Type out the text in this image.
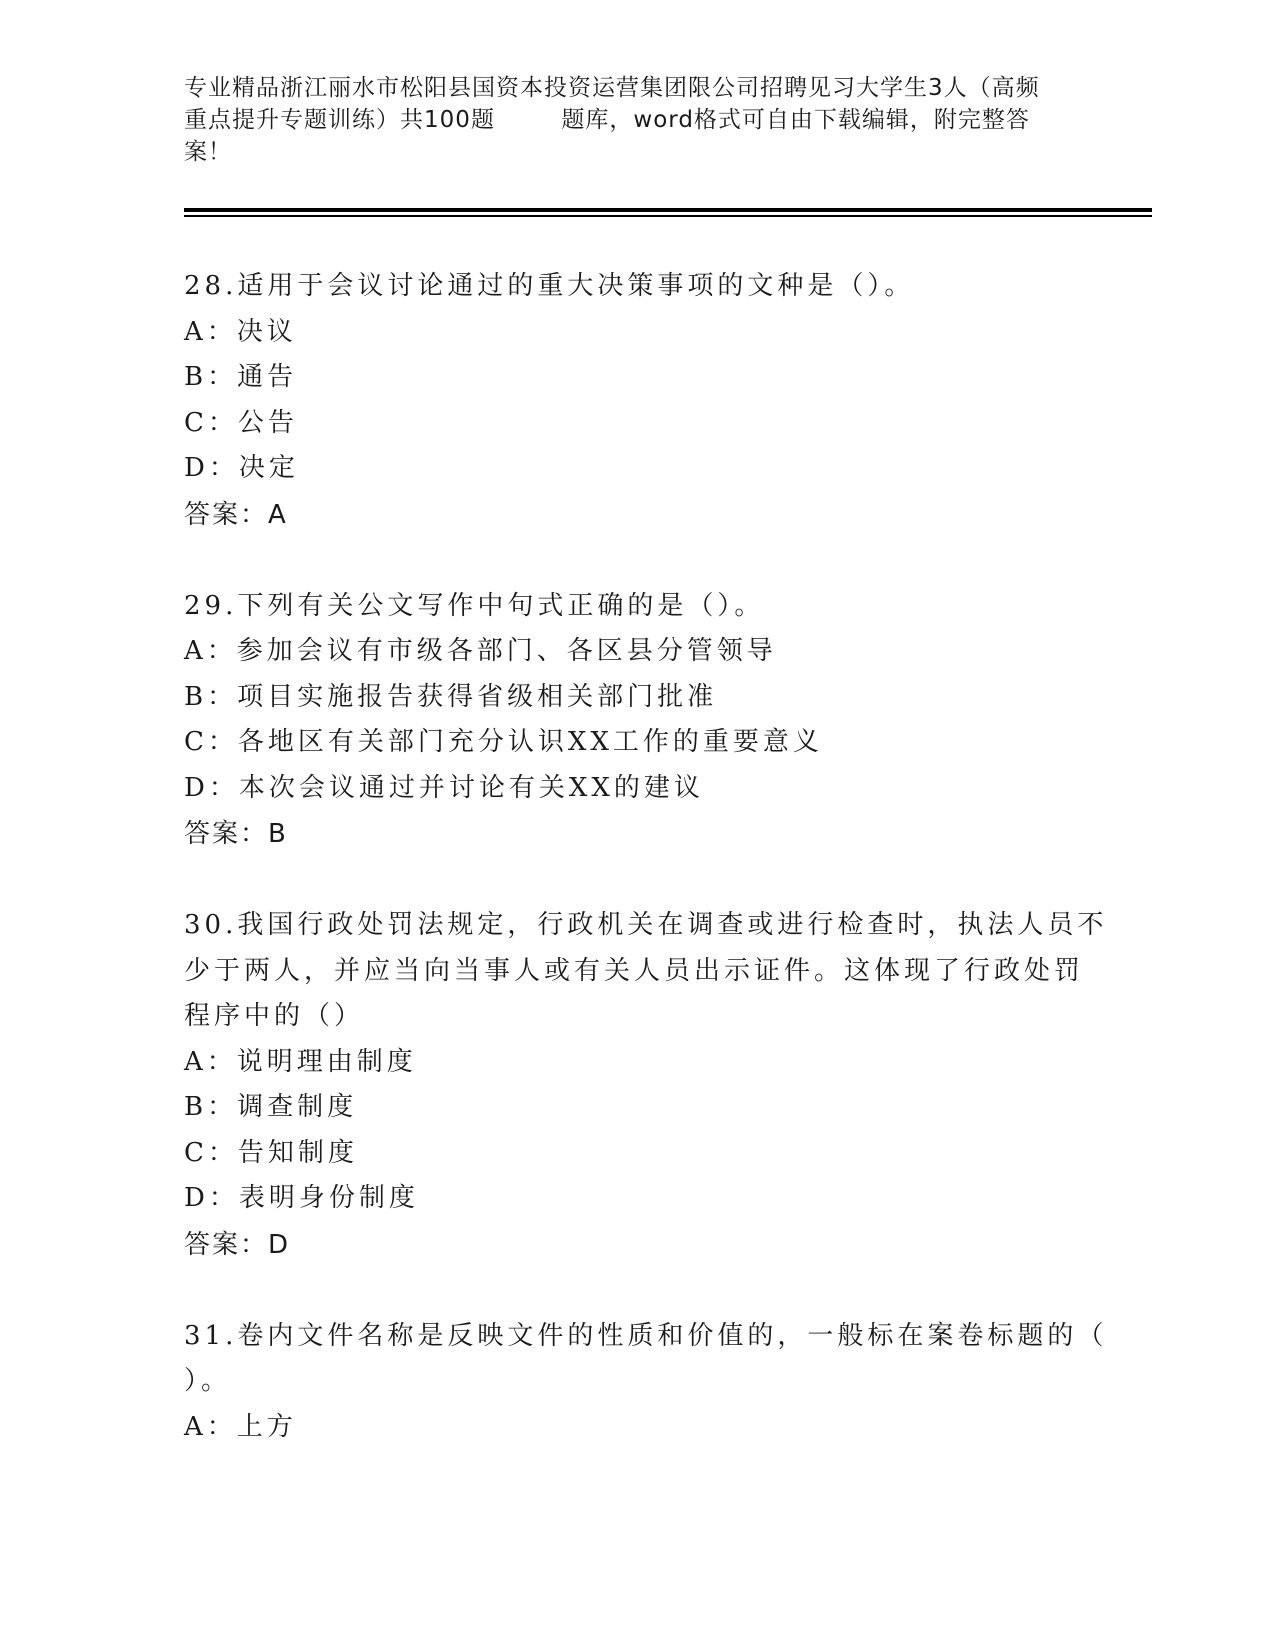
专业精品浙江丽水市松阳县国资本投资运营集团限公司招聘见习大学生3人（高频
重点提升专题训练）共100题        题库，word格式可自由下载编辑，附完整答
案！
28.适用于会议讨论通过的重大决策事项的文种是（）。
A：决议
B：通告
C：公告
D：决定
答案：A
29.下列有关公文写作中句式正确的是（）。
A：参加会议有市级各部门、各区县分管领导
B：项目实施报告获得省级相关部门批准
C：各地区有关部门充分认识XX工作的重要意义
D：本次会议通过并讨论有关XX的建议
答案：B
30.我国行政处罚法规定，行政机关在调查或进行检查时，执法人员不
少于两人，并应当向当事人或有关人员出示证件。这体现了行政处罚
程序中的（）
A：说明理由制度
B：调查制度
C：告知制度
D：表明身份制度
答案：D
31.卷内文件名称是反映文件的性质和价值的，一般标在案卷标题的（
）。
A：上方
